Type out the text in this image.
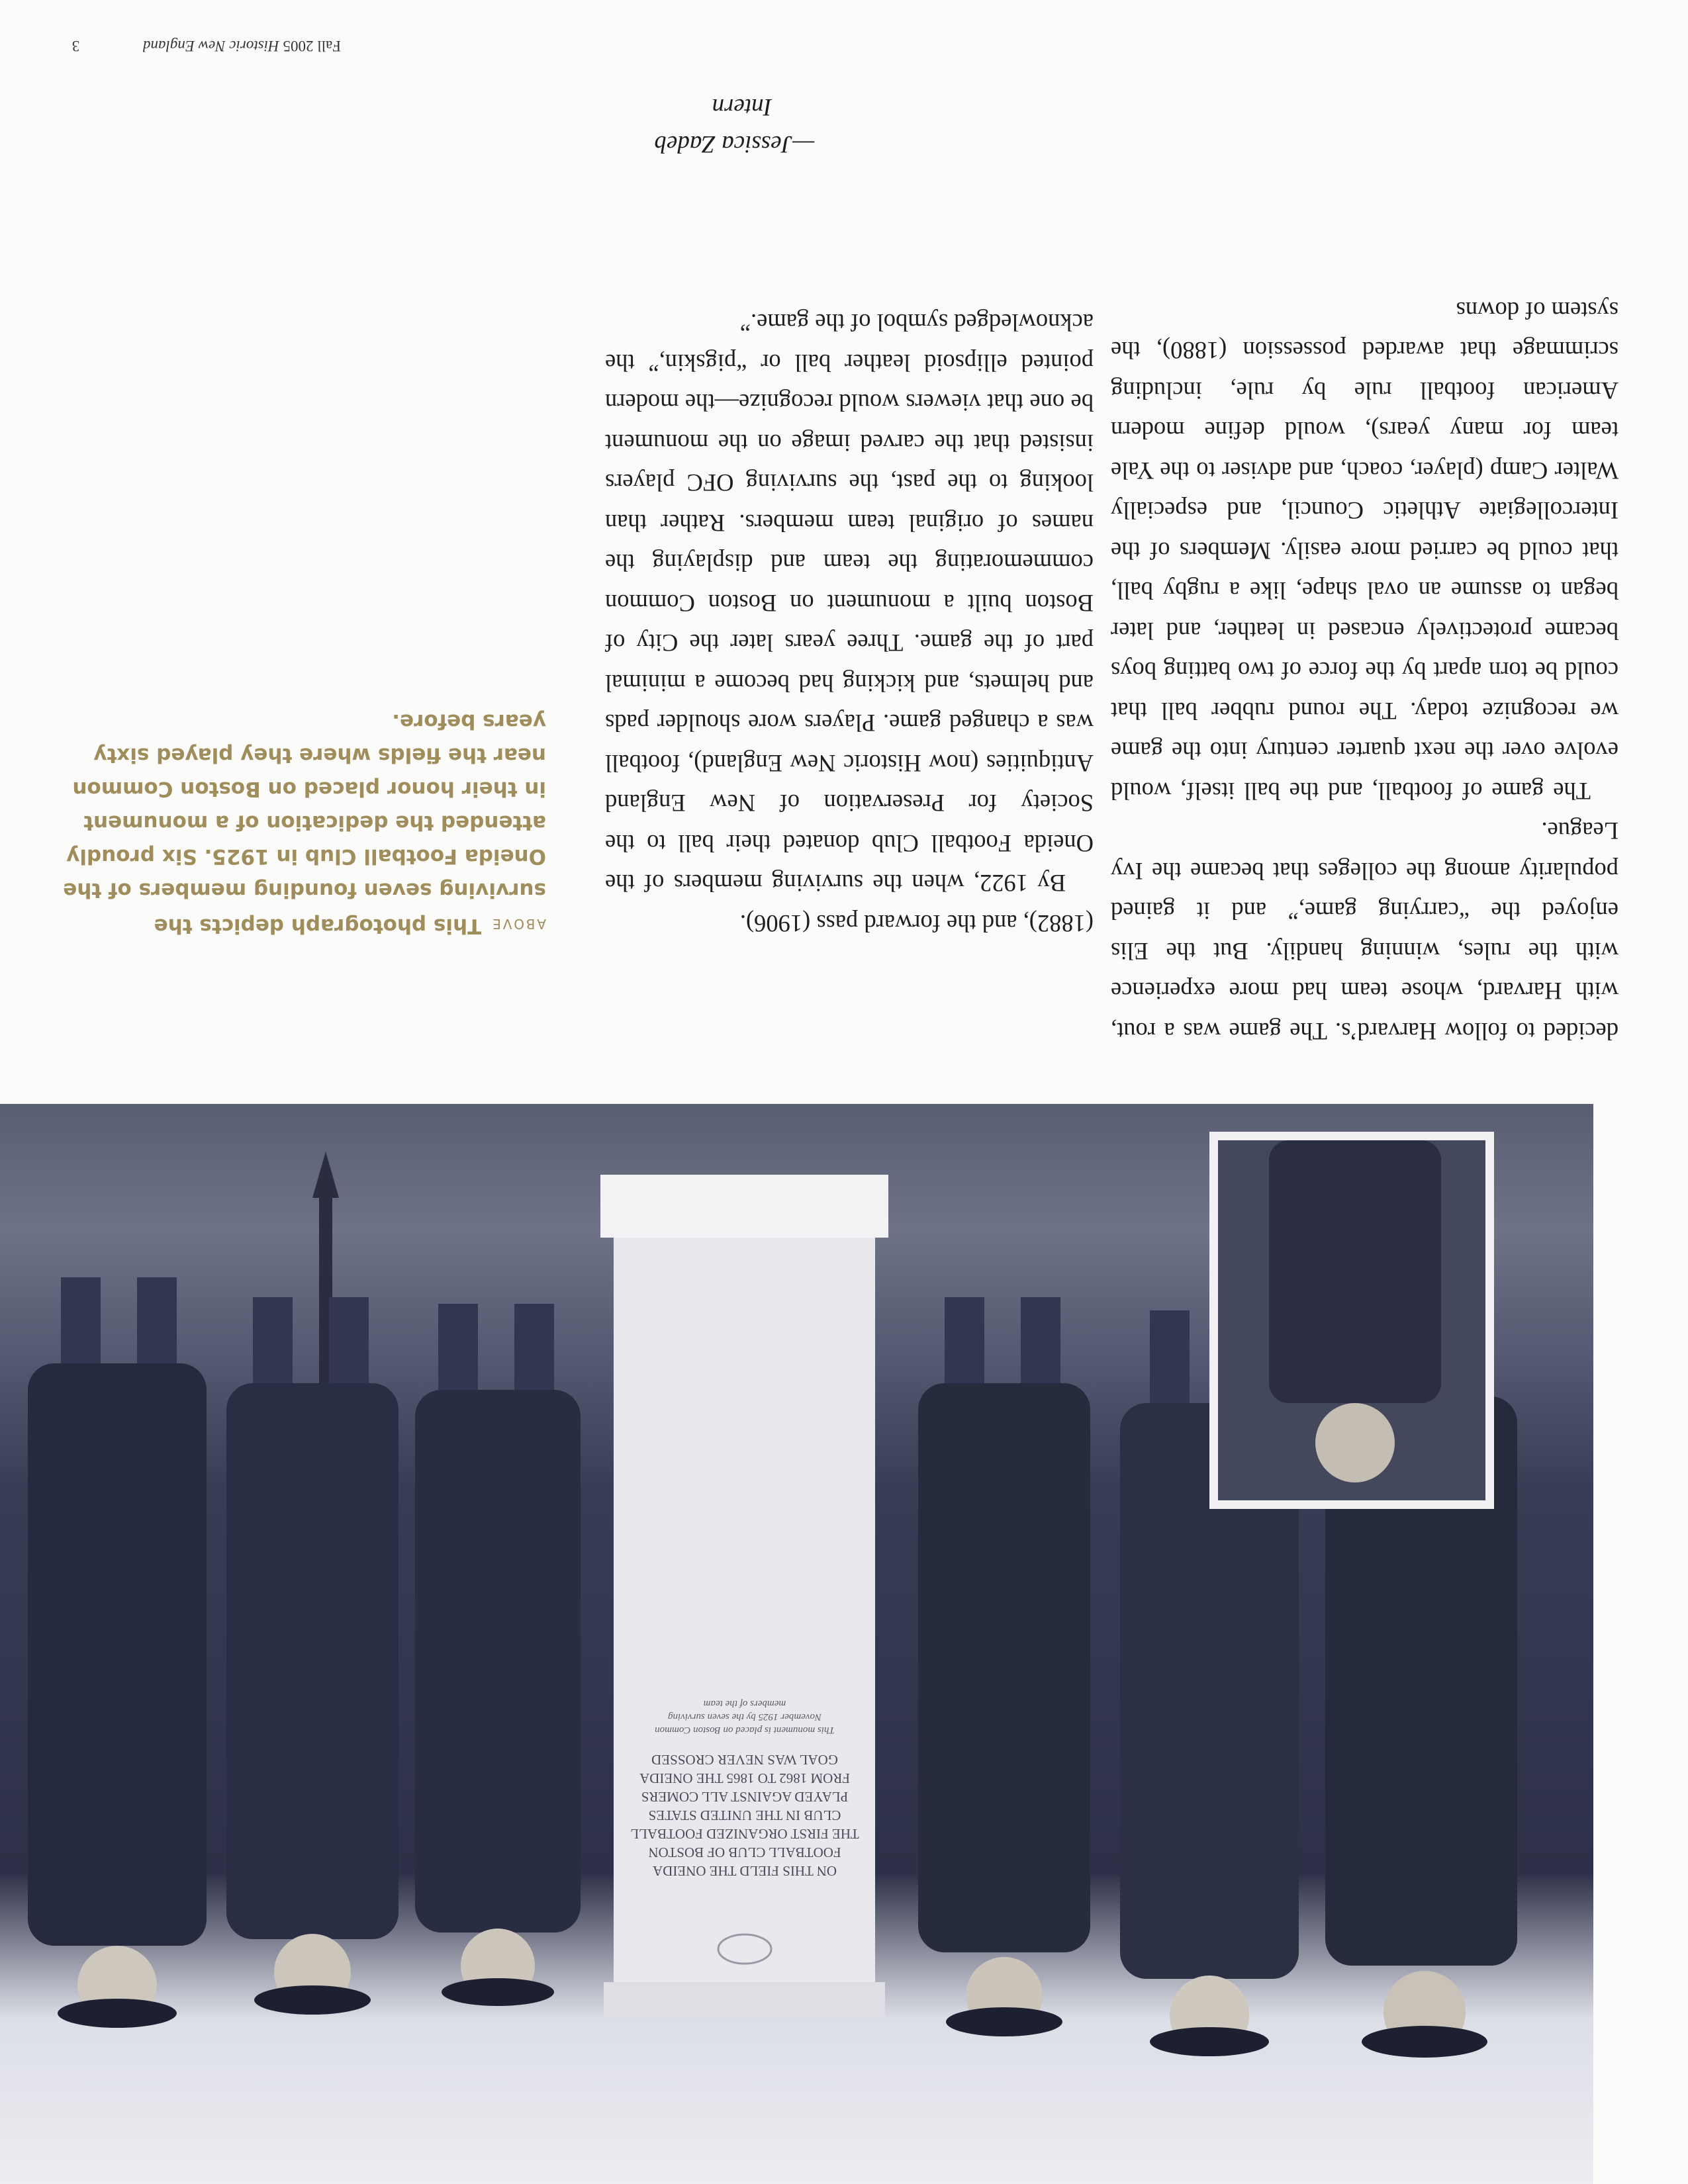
ON THIS FIELD THE ONEIDA
FOOTBALL CLUB OF BOSTON
THE FIRST ORGANIZED FOOTBALL
CLUB IN THE UNITED STATES
PLAYED AGAINST ALL COMERS
FROM 1862 TO 1865 THE ONEIDA
GOAL WAS NEVER CROSSED
This monument is placed on Boston Common
November 1925 by the seven surviving
members of the team

decided to follow Harvard’s. The game was a rout, with Harvard, whose team had more experience with the rules, winning handily. But the Elis enjoyed the “carrying game,” and it gained popularity among the colleges that became the Ivy League.

The game of football, and the ball itself, would evolve over the next quarter century into the game we recognize today. The round rubber ball that could be torn apart by the force of two batting boys became protectively encased in leather, and later began to assume an oval shape, like a rugby ball, that could be carried more easily. Members of the Intercollegiate Athletic Council, and especially Walter Camp (player, coach, and adviser to the Yale team for many years), would define modern American football rule by rule, including scrimmage that awarded possession (1880), the system of downs

(1882), and the forward pass (1906).

By 1922, when the surviving members of the Oneida Football Club donated their ball to the Society for Preservation of New England Antiquities (now Historic New England), football was a changed game. Players wore shoulder pads and helmets, and kicking had become a minimal part of the game. Three years later the City of Boston built a monument on Boston Common commemorating the team and displaying the names of original team members. Rather than looking to the past, the surviving OFC players insisted that the carved image on the monument be one that viewers would recognize—the modern pointed ellipsoid leather ball or “pigskin,” the acknowledged symbol of the game.”

—Jessica Zadeb
Intern
ABOVEThis photograph depicts the surviving seven founding members of the Oneida Football Club in 1925. Six proudly attended the dedication of a monument in their honor placed on Boston Common near the fields where they played sixty years before.
Fall 2005 Historic New England 3
